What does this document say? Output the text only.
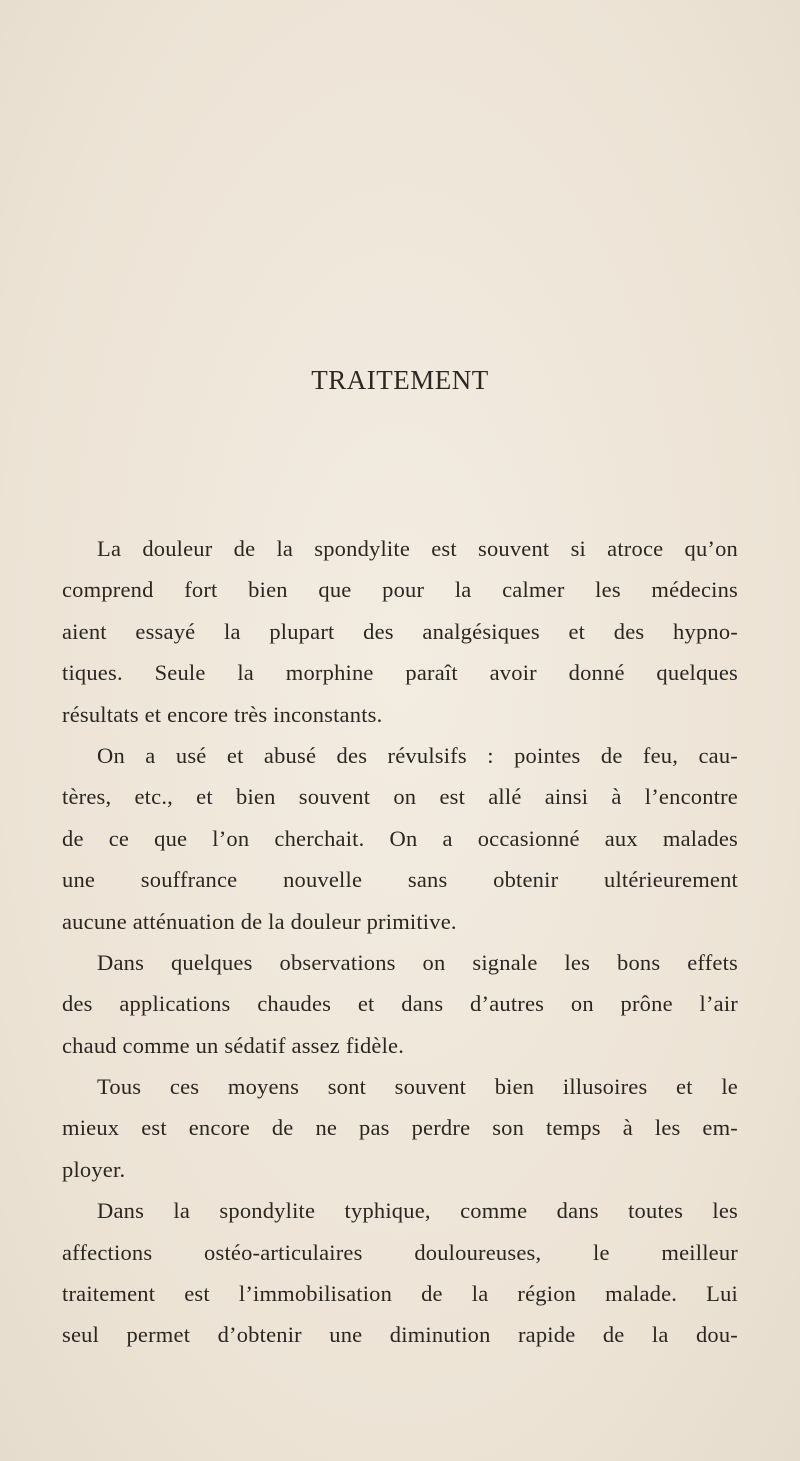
TRAITEMENT
La douleur de la spondylite est souvent si atroce qu’on
comprend fort bien que pour la calmer les médecins
aient essayé la plupart des analgésiques et des hypno-
tiques. Seule la morphine paraît avoir donné quelques
résultats et encore très inconstants.
On a usé et abusé des révulsifs : pointes de feu, cau-
tères, etc., et bien souvent on est allé ainsi à l’encontre
de ce que l’on cherchait. On a occasionné aux malades
une souffrance nouvelle sans obtenir ultérieurement
aucune atténuation de la douleur primitive.
Dans quelques observations on signale les bons effets
des applications chaudes et dans d’autres on prône l’air
chaud comme un sédatif assez fidèle.
Tous ces moyens sont souvent bien illusoires et le
mieux est encore de ne pas perdre son temps à les em-
ployer.
Dans la spondylite typhique, comme dans toutes les
affections ostéo-articulaires douloureuses, le meilleur
traitement est l’immobilisation de la région malade. Lui
seul permet d’obtenir une diminution rapide de la dou-
